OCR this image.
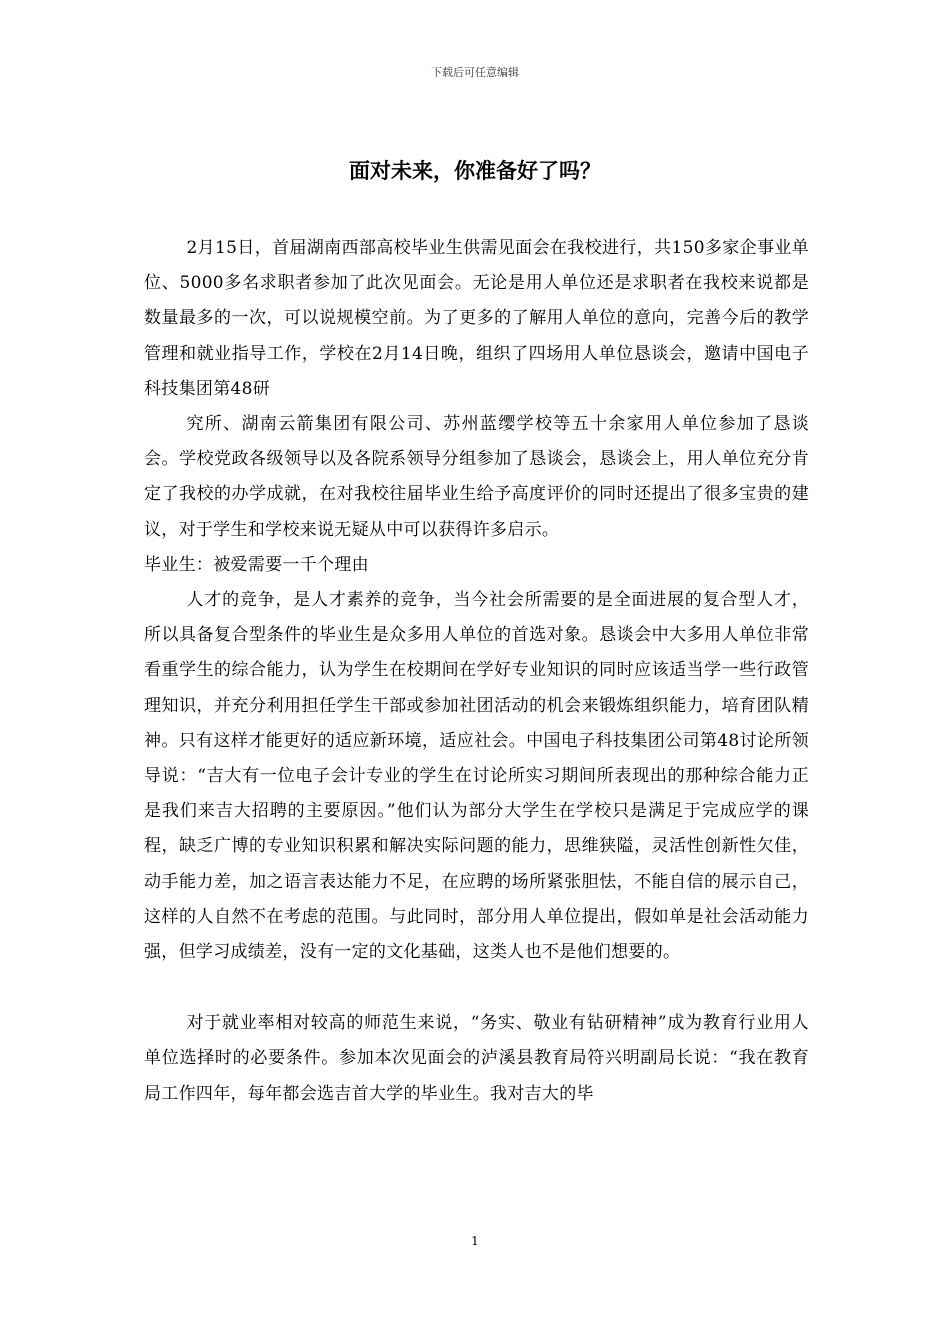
下载后可任意编辑
面对未来，你准备好了吗？

2月15日，首届湖南西部高校毕业生供需见面会在我校进行，共150多家企事业单位、5000多名求职者参加了此次见面会。无论是用人单位还是求职者在我校来说都是数量最多的一次，可以说规模空前。为了更多的了解用人单位的意向，完善今后的教学管理和就业指导工作，学校在2月14日晚，组织了四场用人单位恳谈会，邀请中国电子科技集团第48研

究所、湖南云箭集团有限公司、苏州蓝缨学校等五十余家用人单位参加了恳谈会。学校党政各级领导以及各院系领导分组参加了恳谈会，恳谈会上，用人单位充分肯定了我校的办学成就，在对我校往届毕业生给予高度评价的同时还提出了很多宝贵的建议，对于学生和学校来说无疑从中可以获得许多启示。

毕业生：被爱需要一千个理由

人才的竞争，是人才素养的竞争，当今社会所需要的是全面进展的复合型人才，所以具备复合型条件的毕业生是众多用人单位的首选对象。恳谈会中大多用人单位非常看重学生的综合能力，认为学生在校期间在学好专业知识的同时应该适当学一些行政管理知识，并充分利用担任学生干部或参加社团活动的机会来锻炼组织能力，培育团队精神。只有这样才能更好的适应新环境，适应社会。中国电子科技集团公司第48讨论所领导说：“吉大有一位电子会计专业的学生在讨论所实习期间所表现出的那种综合能力正是我们来吉大招聘的主要原因。”他们认为部分大学生在学校只是满足于完成应学的课程，缺乏广博的专业知识积累和解决实际问题的能力，思维狭隘，灵活性创新性欠佳，动手能力差，加之语言表达能力不足，在应聘的场所紧张胆怯，不能自信的展示自己，这样的人自然不在考虑的范围。与此同时，部分用人单位提出，假如单是社会活动能力强，但学习成绩差，没有一定的文化基础，这类人也不是他们想要的。

对于就业率相对较高的师范生来说，“务实、敬业有钻研精神”成为教育行业用人单位选择时的必要条件。参加本次见面会的泸溪县教育局符兴明副局长说：“我在教育局工作四年，每年都会选吉首大学的毕业生。我对吉大的毕

1
